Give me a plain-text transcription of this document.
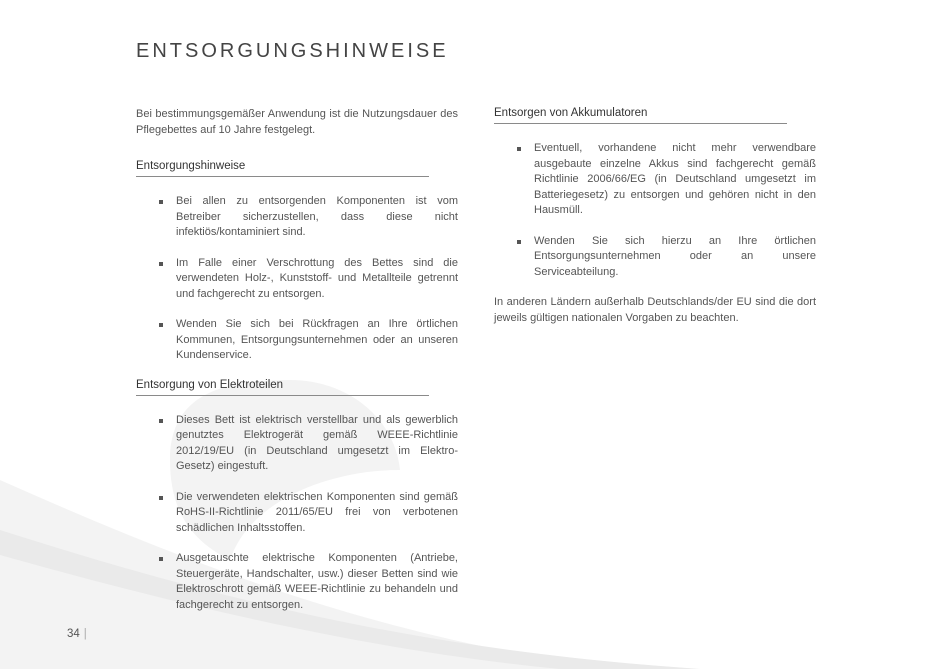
ENTSORGUNGSHINWEISE

Bei bestimmungsgemäßer Anwendung ist die Nutzungsdauer des Pflegebettes auf 10 Jahre festgelegt.

Entsorgungshinweise
Bei allen zu entsorgenden Komponenten ist vom Betreiber sicherzustellen, dass diese nicht infektiös/kontaminiert sind.
Im Falle einer Verschrottung des Bettes sind die verwendeten Holz-, Kunststoff- und Metallteile getrennt und fachgerecht zu entsorgen.
Wenden Sie sich bei Rückfragen an Ihre örtlichen Kommunen, Entsorgungsunternehmen oder an unseren Kundenservice.
Entsorgung von Elektroteilen
Dieses Bett ist elektrisch verstellbar und als gewerblich genutztes Elektrogerät gemäß WEEE-Richtlinie 2012/19/EU (in Deutschland umgesetzt im Elektro-Gesetz) eingestuft.
Die verwendeten elektrischen Komponenten sind gemäß RoHS-II-Richtlinie 2011/65/EU frei von verbotenen schädlichen Inhaltsstoffen.
Ausgetauschte elektrische Komponenten (Antriebe, Steuergeräte, Handschalter, usw.) dieser Betten sind wie Elektroschrott gemäß WEEE-Richtlinie zu behandeln und fachgerecht zu entsorgen.
Entsorgen von Akkumulatoren
Eventuell, vorhandene nicht mehr verwendbare ausgebaute einzelne Akkus sind fachgerecht gemäß Richtlinie 2006/66/EG (in Deutschland umgesetzt im Batteriegesetz) zu entsorgen und gehören nicht in den Hausmüll.
Wenden Sie sich hierzu an Ihre örtlichen Entsorgungsunternehmen oder an unsere Serviceabteilung.

In anderen Ländern außerhalb Deutschlands/der EU sind die dort jeweils gültigen nationalen Vorgaben zu beachten.

34 |
